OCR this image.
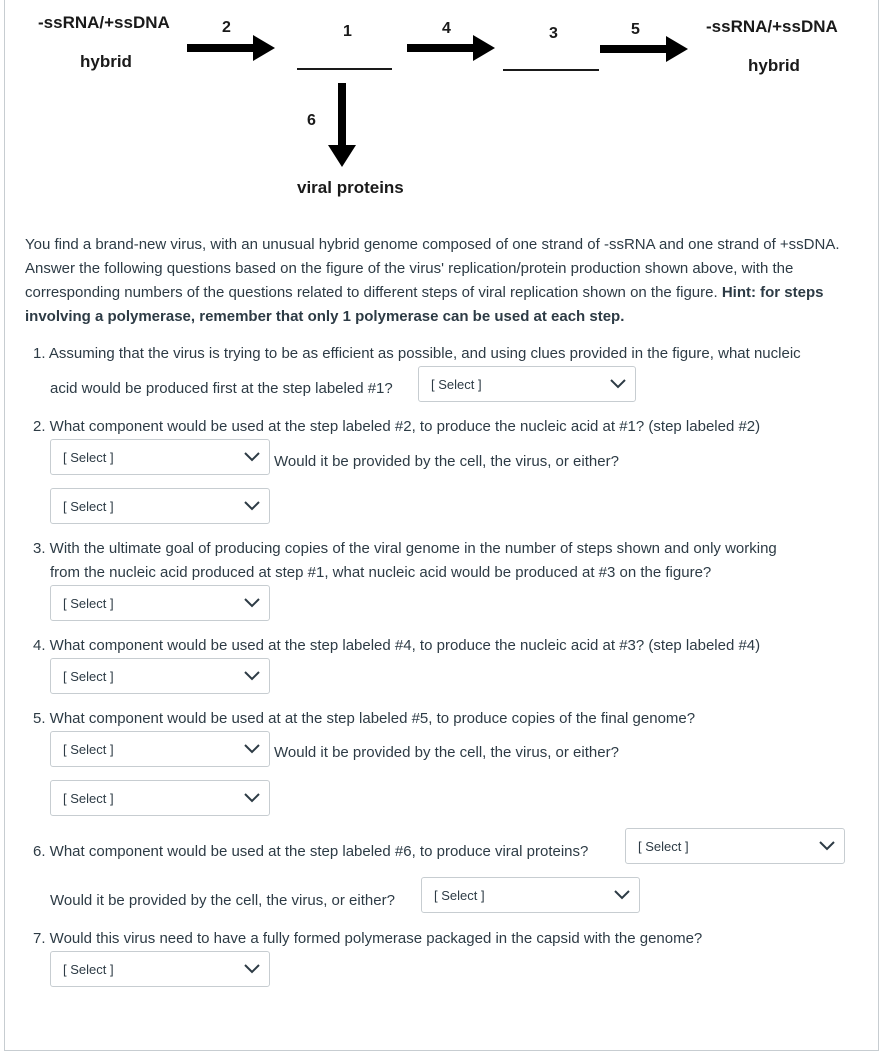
-ssRNA/+ssDNA
hybrid
2	1	4	3	5	-ssRNA/+ssDNA
hybrid
6
viral proteins
You find a brand-new virus, with an unusual hybrid genome composed of one strand of -ssRNA and one strand of +ssDNA. Answer the following questions based on the figure of the virus' replication/protein production shown above, with the corresponding numbers of the questions related to different steps of viral replication shown on the figure. Hint: for steps involving a polymerase, remember that only 1 polymerase can be used at each step.
1. Assuming that the virus is trying to be as efficient as possible, and using clues provided in the figure, what nucleic
acid would be produced first at the step labeled #1?	[ Select ]
2. What component would be used at the step labeled #2, to produce the nucleic acid at #1? (step labeled #2)
[ Select ]	Would it be provided by the cell, the virus, or either?
[ Select ]
3. With the ultimate goal of producing copies of the viral genome in the number of steps shown and only working
from the nucleic acid produced at step #1, what nucleic acid would be produced at #3 on the figure?
[ Select ]
4. What component would be used at the step labeled #4, to produce the nucleic acid at #3? (step labeled #4)
[ Select ]
5. What component would be used at at the step labeled #5, to produce copies of the final genome?
[ Select ]	Would it be provided by the cell, the virus, or either?
[ Select ]
6. What component would be used at the step labeled #6, to produce viral proteins?	[ Select ]
Would it be provided by the cell, the virus, or either?	[ Select ]
7. Would this virus need to have a fully formed polymerase packaged in the capsid with the genome?
[ Select ]
